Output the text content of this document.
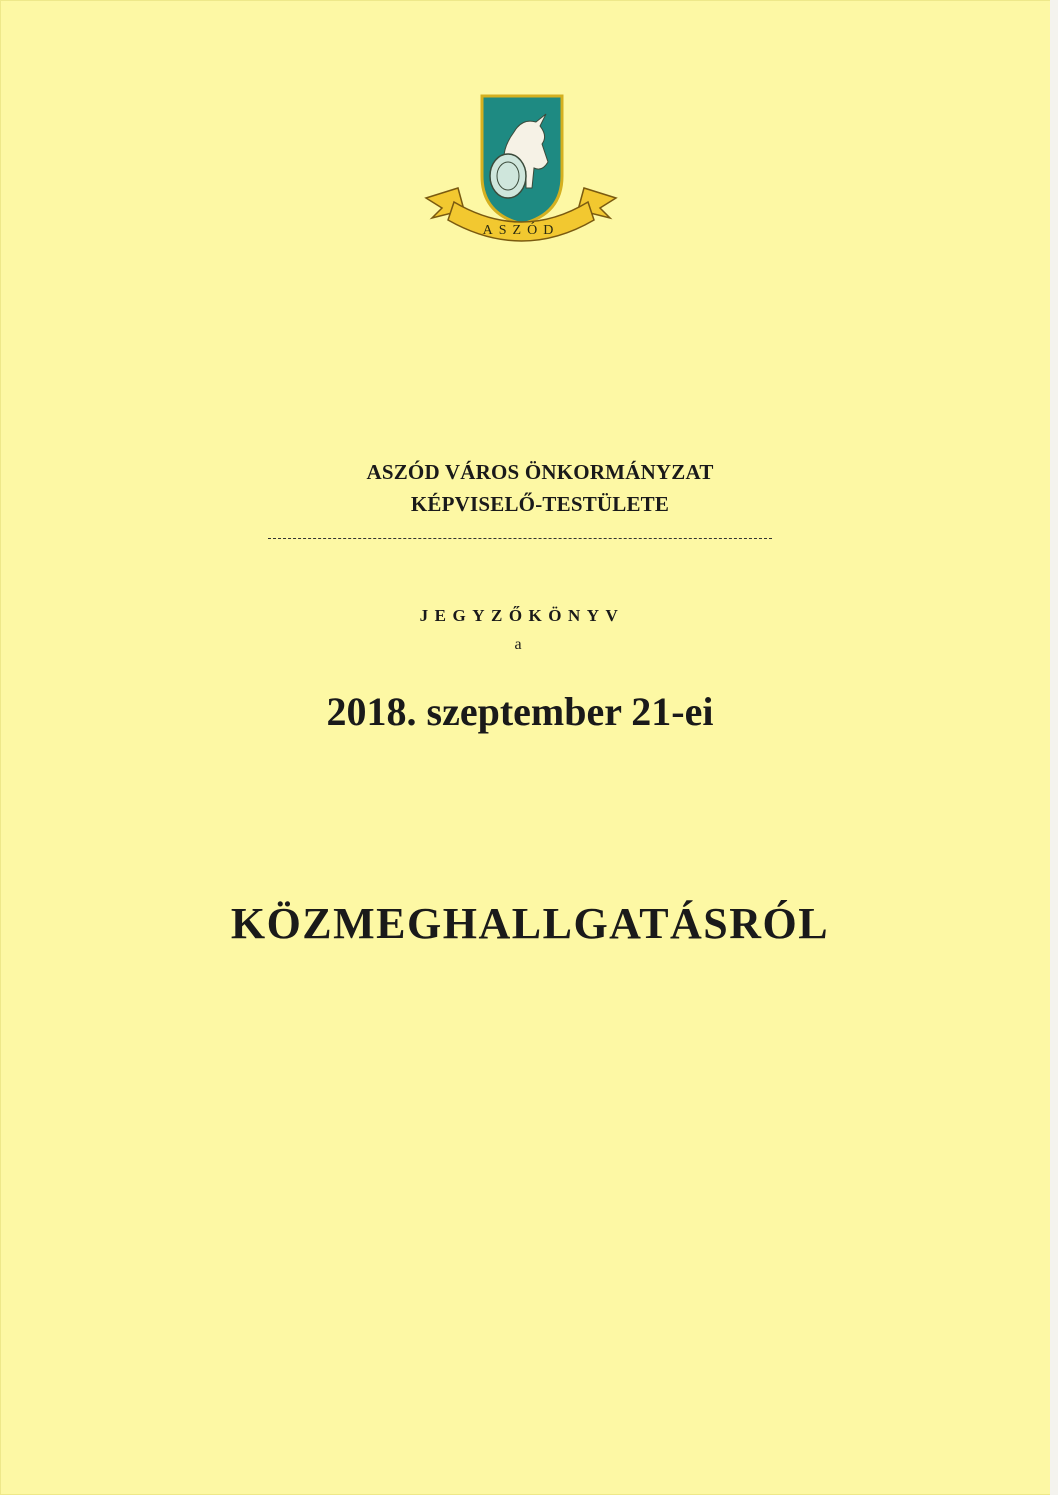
ASZÓD
ASZÓD VÁROS ÖNKORMÁNYZAT
KÉPVISELŐ-TESTÜLETE
JEGYZŐKÖNYV
a
2018. szeptember 21-ei
KÖZMEGHALLGATÁSRÓL
